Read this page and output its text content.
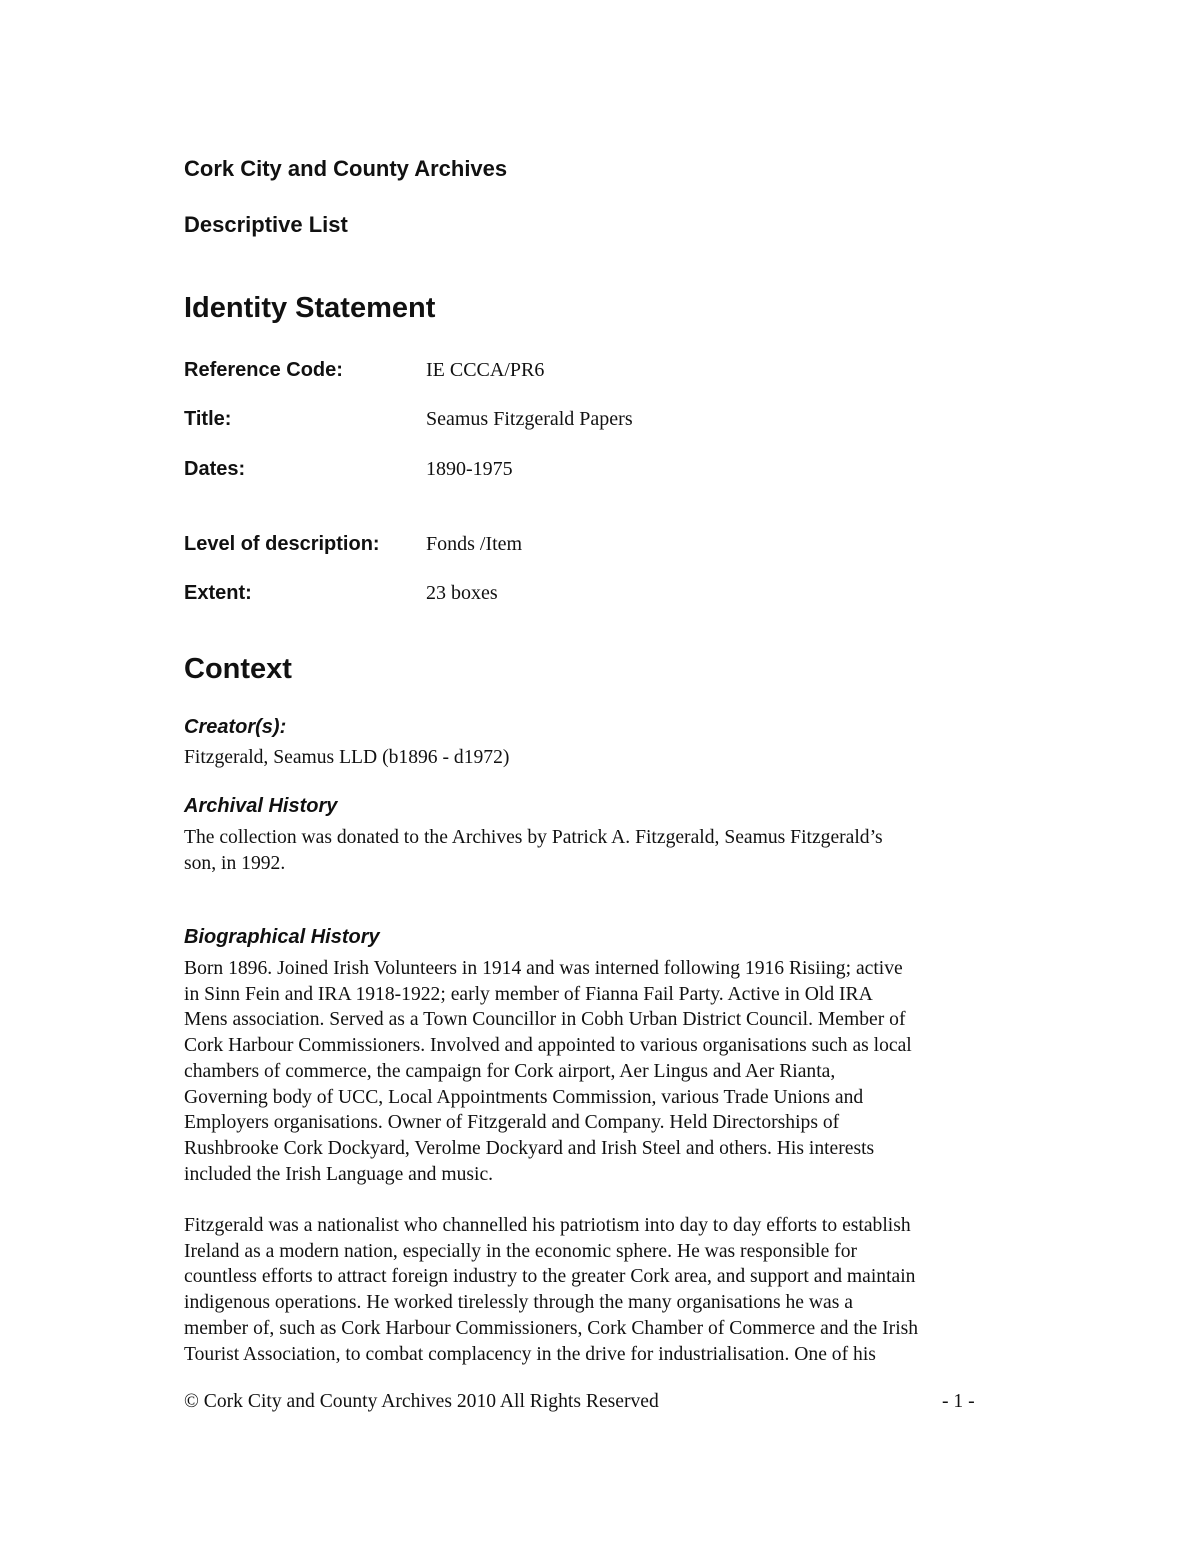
Cork City and County Archives
Descriptive List
Identity Statement
Reference Code:	IE CCCA/PR6
Title:	Seamus Fitzgerald Papers
Dates:	1890-1975
Level of description: Fonds /Item
Extent:	23 boxes
Context
Creator(s):
Fitzgerald, Seamus LLD (b1896 - d1972)
Archival History
The collection was donated to the Archives by Patrick A. Fitzgerald, Seamus Fitzgerald’s
son, in 1992.
Biographical History
Born 1896. Joined Irish Volunteers in 1914 and was interned following 1916 Risiing; active
in Sinn Fein and IRA 1918-1922; early member of Fianna Fail Party. Active in Old IRA
Mens association. Served as a Town Councillor in Cobh Urban District Council. Member of
Cork Harbour Commissioners. Involved and appointed to various organisations such as local
chambers of commerce, the campaign for Cork airport, Aer Lingus and Aer Rianta,
Governing body of UCC, Local Appointments Commission, various Trade Unions and
Employers organisations. Owner of Fitzgerald and Company. Held Directorships of
Rushbrooke Cork Dockyard, Verolme Dockyard and Irish Steel and others. His interests
included the Irish Language and music.
Fitzgerald was a nationalist who channelled his patriotism into day to day efforts to establish
Ireland as a modern nation, especially in the economic sphere. He was responsible for
countless efforts to attract foreign industry to the greater Cork area, and support and maintain
indigenous operations. He worked tirelessly through the many organisations he was a
member of, such as Cork Harbour Commissioners, Cork Chamber of Commerce and the Irish
Tourist Association, to combat complacency in the drive for industrialisation. One of his
© Cork City and County Archives 2010 All Rights Reserved	- 1 -
